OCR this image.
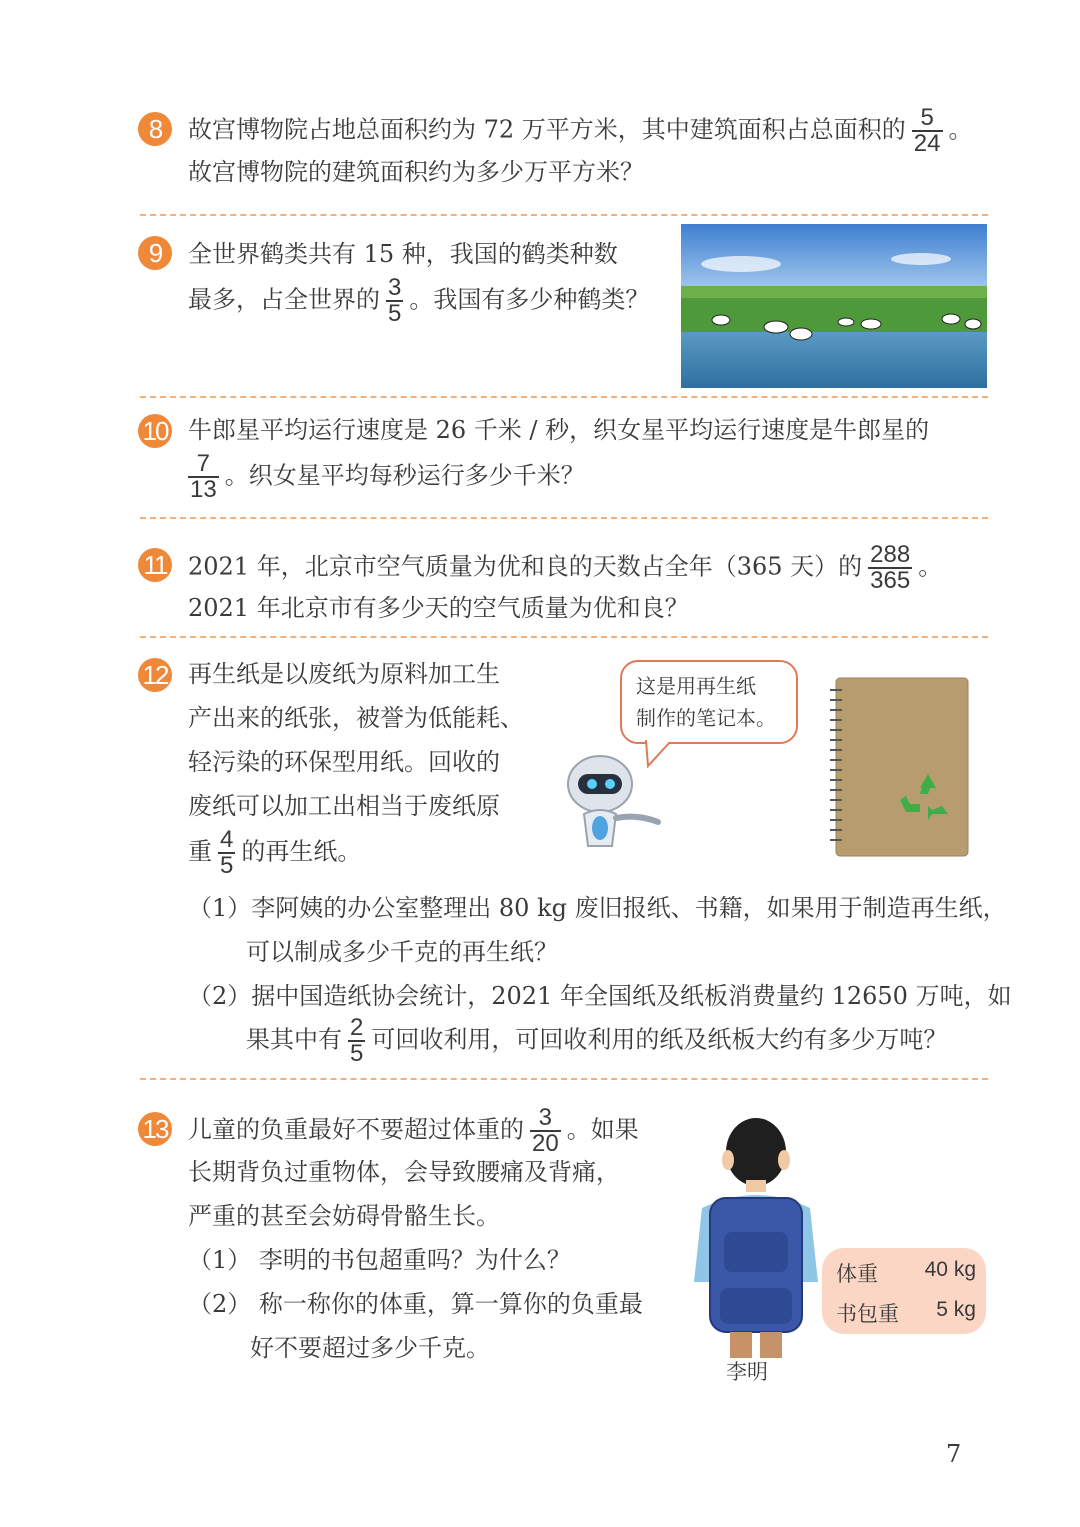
8	故宫博物院占地总面积约为 72 万平方米，其中建筑面积占总面积的 $\frac{5}{24}$ 。
故宫博物院的建筑面积约为多少万平方米？
9	全世界鹤类共有 15 种，我国的鹤类种数
最多，占全世界的 $\frac{3}{5}$ 。我国有多少种鹤类？
10 牛郎星平均运行速度是 26 千米 / 秒，织女星平均运行速度是牛郎星的
$\frac{7}{13}$ 。织女星平均每秒运行多少千米？
11 2021 年，北京市空气质量为优和良的天数占全年（365 天）的 $\frac{288}{365}$ 。
2021 年北京市有多少天的空气质量为优和良？
12 再生纸是以废纸为原料加工生
产出来的纸张，被誉为低能耗、
轻污染的环保型用纸。回收的
废纸可以加工出相当于废纸原
重 $\frac{4}{5}$ 的再生纸。
这是用再生纸
制作的笔记本。
（1）李阿姨的办公室整理出 80 kg 废旧报纸、书籍，如果用于制造再生纸，
可以制成多少千克的再生纸？
（2）据中国造纸协会统计，2021 年全国纸及纸板消费量约 12650 万吨，如
果其中有 $\frac{2}{5}$ 可回收利用，可回收利用的纸及纸板大约有多少万吨？
13 儿童的负重最好不要超过体重的 $\frac{3}{20}$ 。如果
长期背负过重物体，会导致腰痛及背痛，
严重的甚至会妨碍骨骼生长。
（1） 李明的书包超重吗？为什么？
（2） 称一称你的体重，算一算你的负重最
好不要超过多少千克。
体重 40 kg
书包重 5 kg
李明
7
